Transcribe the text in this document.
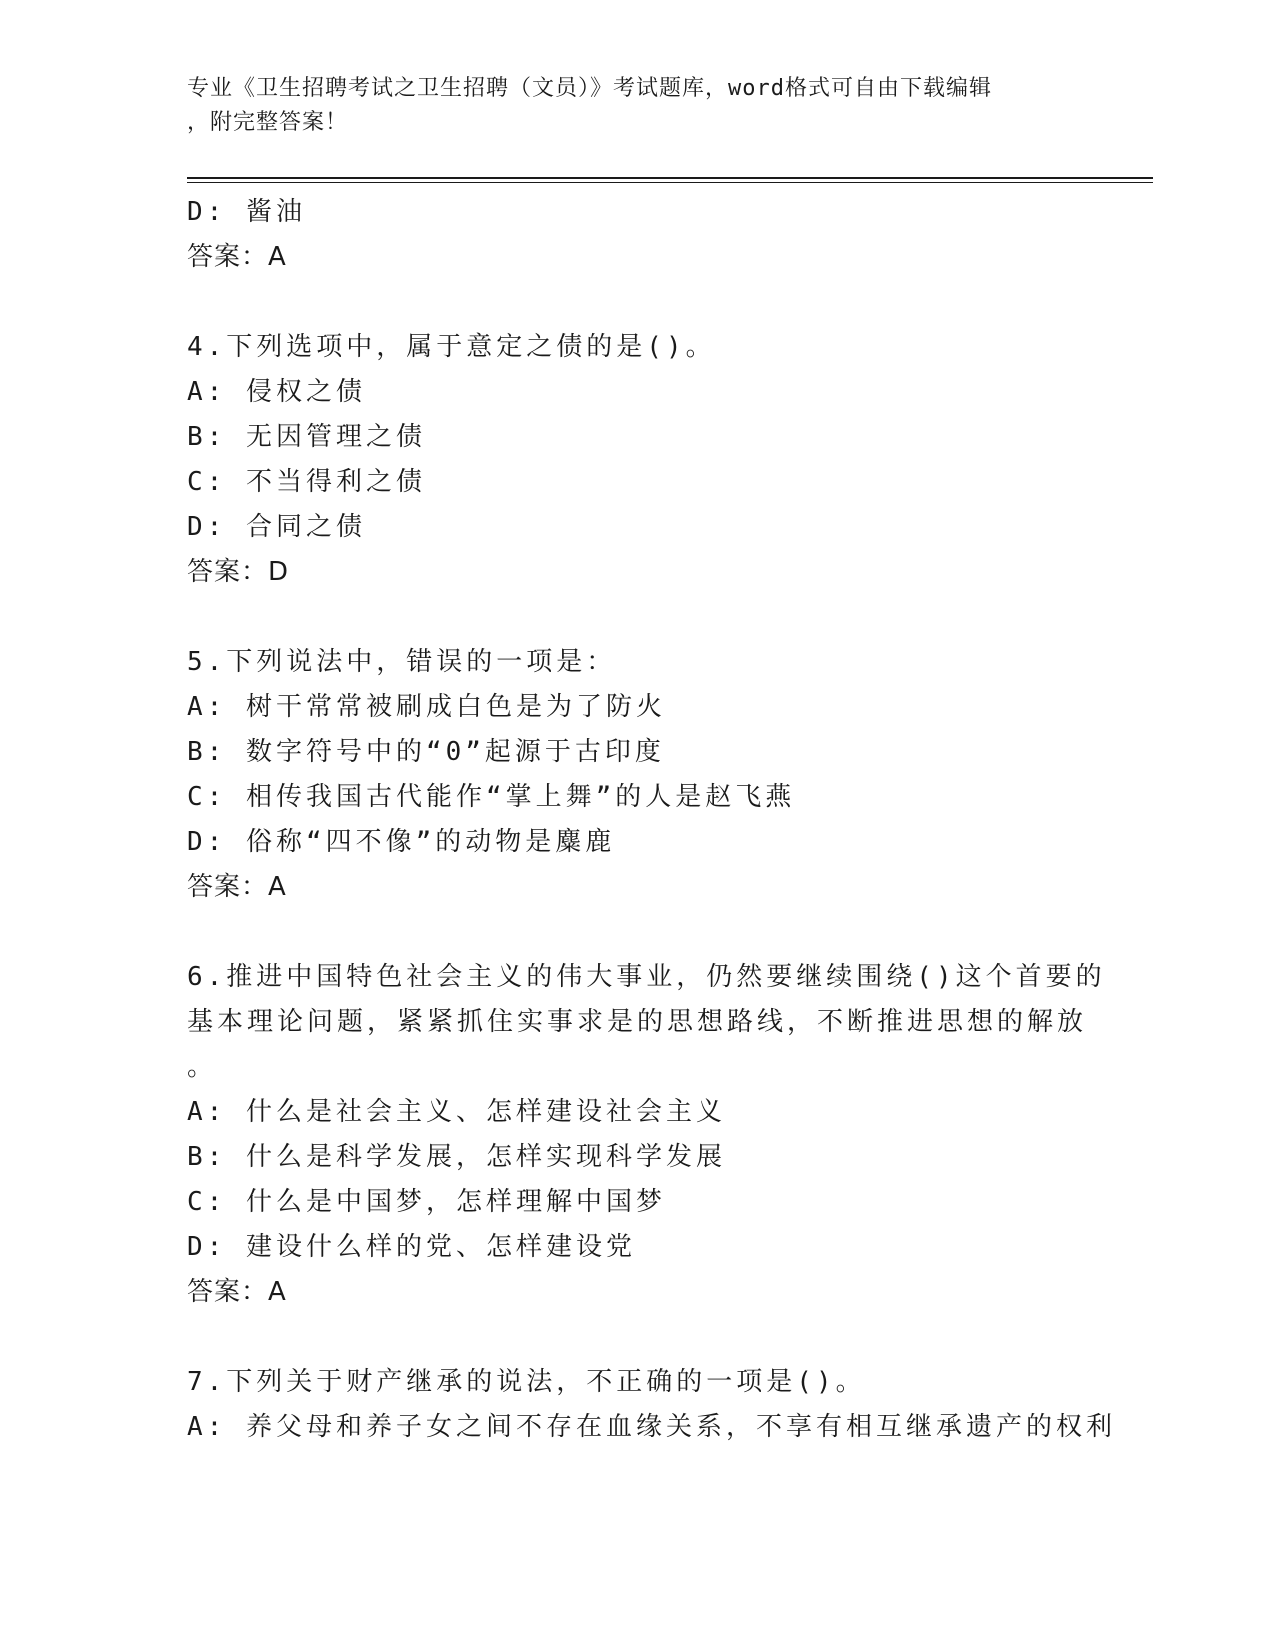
专业《卫生招聘考试之卫生招聘（文员）》考试题库，word格式可自由下载编辑
，附完整答案！
D: 酱油
答案：A
4.下列选项中，属于意定之债的是()。
A: 侵权之债
B: 无因管理之债
C: 不当得利之债
D: 合同之债
答案：D
5.下列说法中，错误的一项是：
A: 树干常常被刷成白色是为了防火
B: 数字符号中的“0”起源于古印度
C: 相传我国古代能作“掌上舞”的人是赵飞燕
D: 俗称“四不像”的动物是麋鹿
答案：A
6.推进中国特色社会主义的伟大事业，仍然要继续围绕()这个首要的
基本理论问题，紧紧抓住实事求是的思想路线，不断推进思想的解放
。
A: 什么是社会主义、怎样建设社会主义
B: 什么是科学发展，怎样实现科学发展
C: 什么是中国梦，怎样理解中国梦
D: 建设什么样的党、怎样建设党
答案：A
7.下列关于财产继承的说法，不正确的一项是()。
A: 养父母和养子女之间不存在血缘关系，不享有相互继承遗产的权利
